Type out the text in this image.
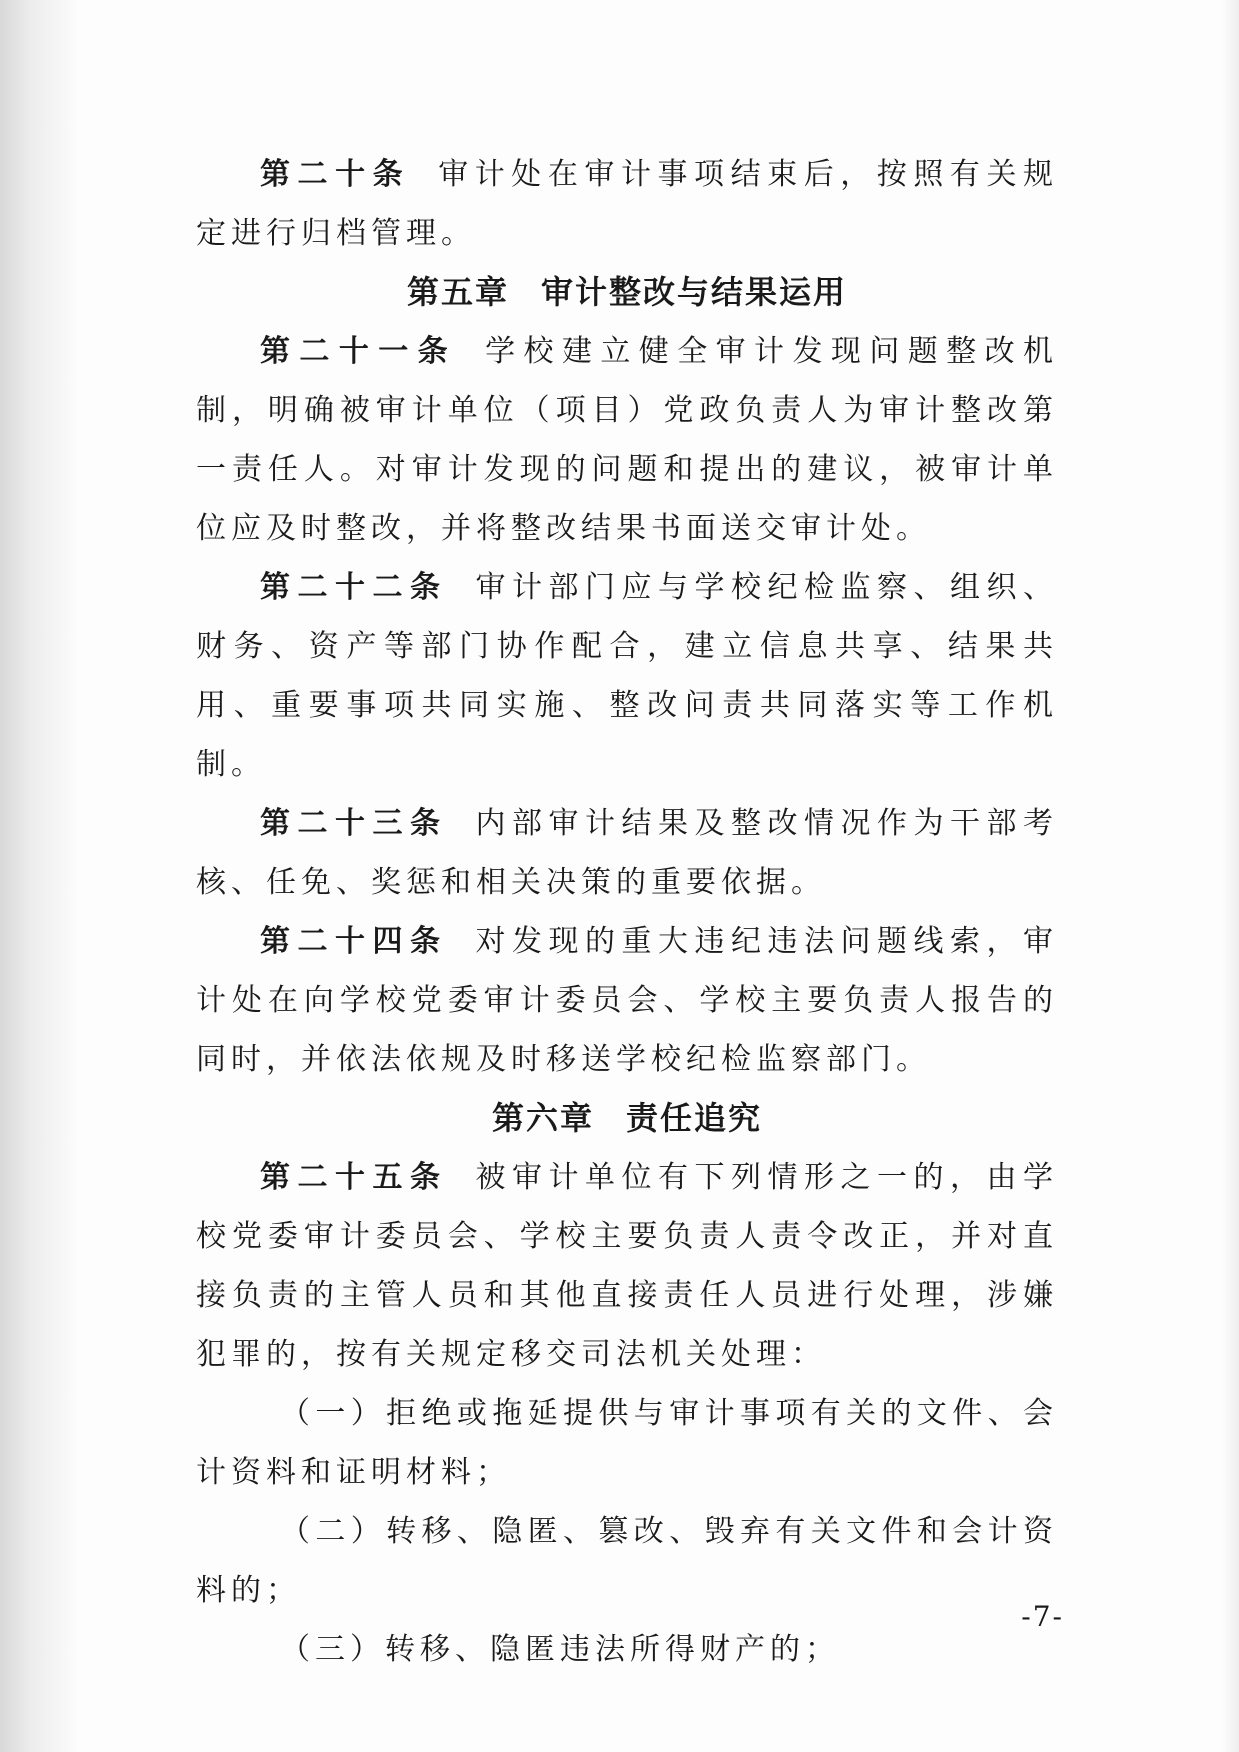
第二十条 审计处在审计事项结束后，按照有关规定进行归档管理。

第五章 审计整改与结果运用

第二十一条 学校建立健全审计发现问题整改机制，明确被审计单位（项目）党政负责人为审计整改第一责任人。对审计发现的问题和提出的建议，被审计单位应及时整改，并将整改结果书面送交审计处。

第二十二条 审计部门应与学校纪检监察、组织、财务、资产等部门协作配合，建立信息共享、结果共用、重要事项共同实施、整改问责共同落实等工作机制。

第二十三条 内部审计结果及整改情况作为干部考核、任免、奖惩和相关决策的重要依据。

第二十四条 对发现的重大违纪违法问题线索，审计处在向学校党委审计委员会、学校主要负责人报告的同时，并依法依规及时移送学校纪检监察部门。

第六章 责任追究

第二十五条 被审计单位有下列情形之一的，由学校党委审计委员会、学校主要负责人责令改正，并对直接负责的主管人员和其他直接责任人员进行处理，涉嫌犯罪的，按有关规定移交司法机关处理：

（一）拒绝或拖延提供与审计事项有关的文件、会计资料和证明材料；

（二）转移、隐匿、篡改、毁弃有关文件和会计资料的；

（三）转移、隐匿违法所得财产的；

-7-
